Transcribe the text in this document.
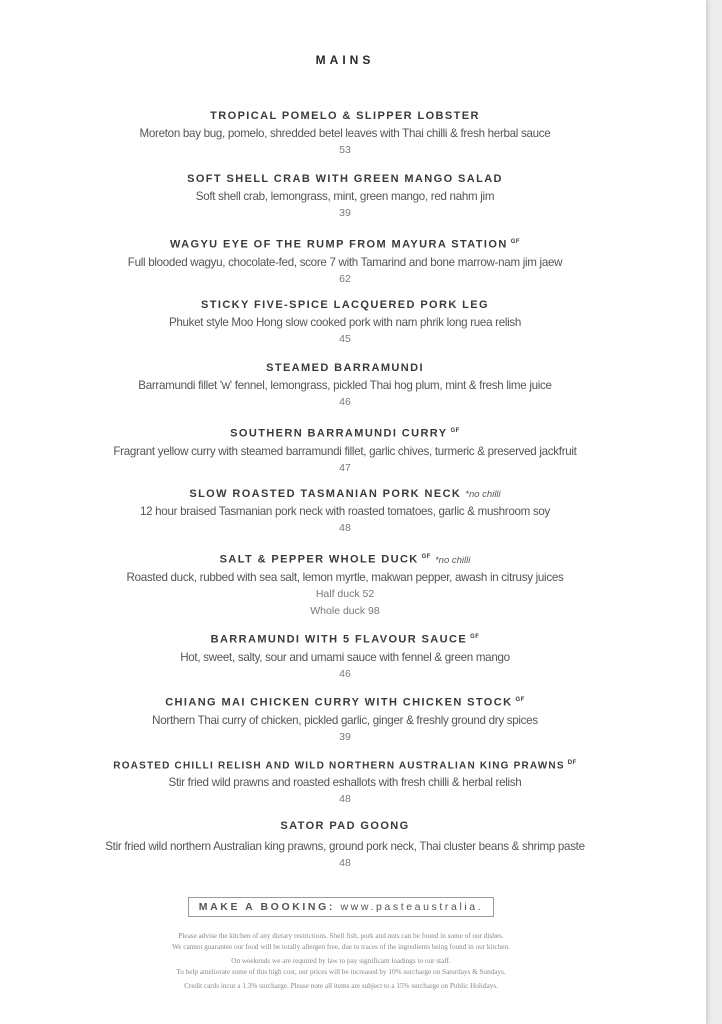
MAINS
TROPICAL POMELO & SLIPPER LOBSTER
Moreton bay bug, pomelo, shredded betel leaves with Thai chilli & fresh herbal sauce
53
SOFT SHELL CRAB WITH GREEN MANGO SALAD
Soft shell crab, lemongrass, mint, green mango, red nahm jim
39
WAGYU EYE OF THE RUMP FROM MAYURA STATION $^{GF}$
Full blooded wagyu, chocolate-fed, score 7 with Tamarind and bone marrow-nam jim jaew
62
STICKY FIVE-SPICE LACQUERED PORK LEG
Phuket style Moo Hong slow cooked pork with nam phrik long ruea relish
45
STEAMED BARRAMUNDI
Barramundi fillet 'w' fennel, lemongrass, pickled Thai hog plum, mint & fresh lime juice
46
SOUTHERN BARRAMUNDI CURRY $^{GF}$
Fragrant yellow curry with steamed barramundi fillet, garlic chives, turmeric & preserved jackfruit
47
SLOW ROASTED TASMANIAN PORK NECK *no chilli
12 hour braised Tasmanian pork neck with roasted tomatoes, garlic & mushroom soy
48
SALT & PEPPER WHOLE DUCK $^{GF}$ *no chilli
Roasted duck, rubbed with sea salt, lemon myrtle, makwan pepper, awash in citrusy juices
Half duck 52
Whole duck 98
BARRAMUNDI WITH 5 FLAVOUR SAUCE $^{GF}$
Hot, sweet, salty, sour and umami sauce with fennel & green mango
46
CHIANG MAI CHICKEN CURRY WITH CHICKEN STOCK $^{GF}$
Northern Thai curry of chicken, pickled garlic, ginger & freshly ground dry spices
39
ROASTED CHILLI RELISH AND WILD NORTHERN AUSTRALIAN KING PRAWNS $^{DF}$
Stir fried wild prawns and roasted eshallots with fresh chilli & herbal relish
48
SATOR PAD GOONG
Stir fried wild northern Australian king prawns, ground pork neck, Thai cluster beans & shrimp paste
48
MAKE A BOOKING: www.pasteaustralia.

Please advise the kitchen of any dietary restrictions. Shell fish, pork and nuts can be found in some of our dishes.
We cannot guarantee our food will be totally allergen free, due to traces of the ingredients being found in our kitchen.

On weekends we are required by law to pay significant loadings to our staff.
To help ameliorate some of this high cost, our prices will be increased by 10% surcharge on Saturdays & Sundays.

Credit cards incur a 1.3% surcharge. Please note all items are subject to a 15% surcharge on Public Holidays.
